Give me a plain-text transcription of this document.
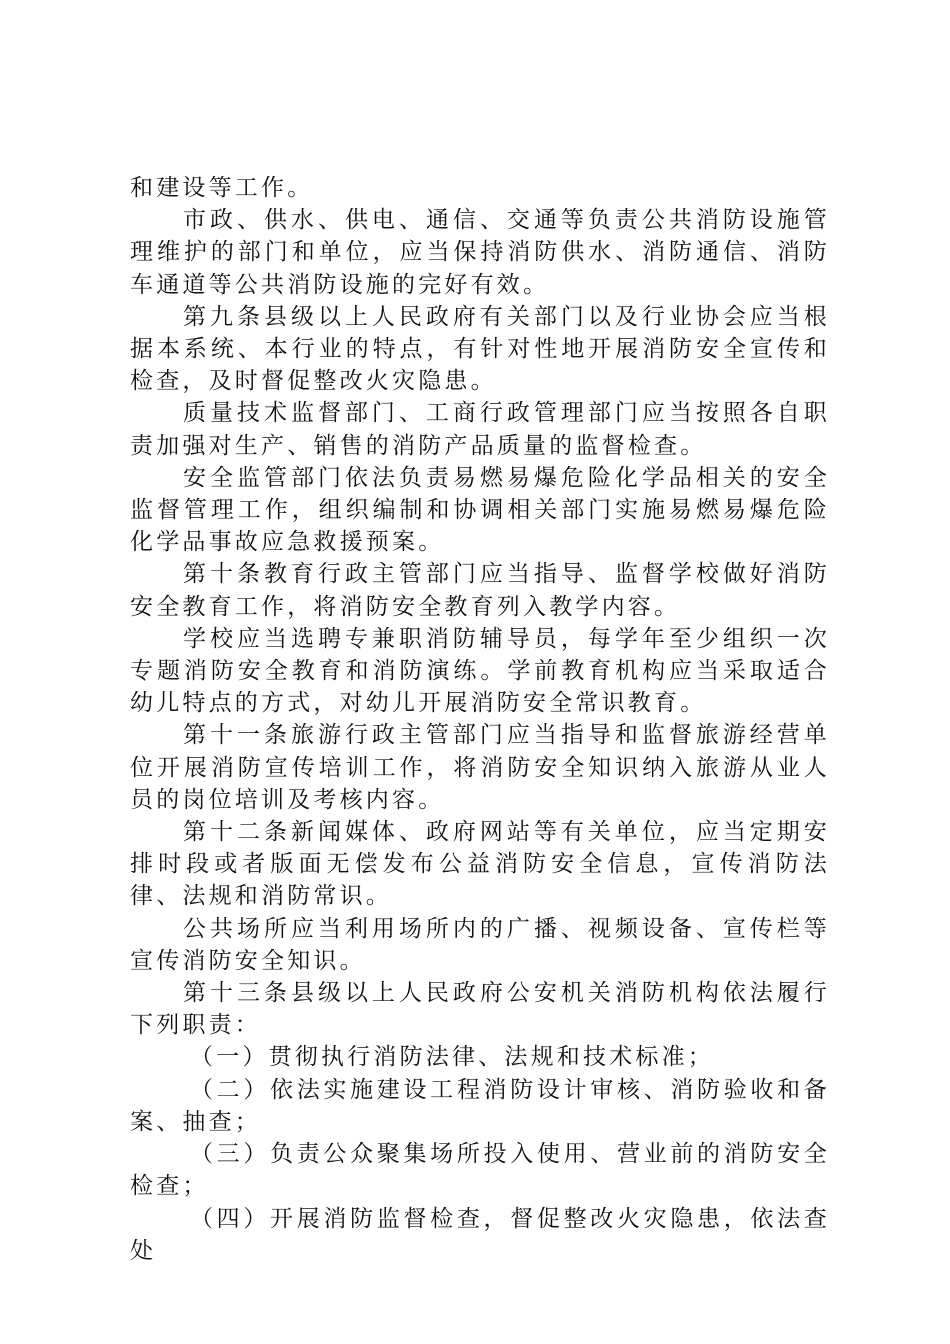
和建设等工作。

市政、供水、供电、通信、交通等负责公共消防设施管理维护的部门和单位，应当保持消防供水、消防通信、消防车通道等公共消防设施的完好有效。

第九条县级以上人民政府有关部门以及行业协会应当根据本系统、本行业的特点，有针对性地开展消防安全宣传和检查，及时督促整改火灾隐患。

质量技术监督部门、工商行政管理部门应当按照各自职责加强对生产、销售的消防产品质量的监督检查。

安全监管部门依法负责易燃易爆危险化学品相关的安全监督管理工作，组织编制和协调相关部门实施易燃易爆危险化学品事故应急救援预案。

第十条教育行政主管部门应当指导、监督学校做好消防安全教育工作，将消防安全教育列入教学内容。

学校应当选聘专兼职消防辅导员，每学年至少组织一次专题消防安全教育和消防演练。学前教育机构应当采取适合幼儿特点的方式，对幼儿开展消防安全常识教育。

第十一条旅游行政主管部门应当指导和监督旅游经营单位开展消防宣传培训工作，将消防安全知识纳入旅游从业人员的岗位培训及考核内容。

第十二条新闻媒体、政府网站等有关单位，应当定期安排时段或者版面无偿发布公益消防安全信息，宣传消防法律、法规和消防常识。

公共场所应当利用场所内的广播、视频设备、宣传栏等宣传消防安全知识。

第十三条县级以上人民政府公安机关消防机构依法履行下列职责：

（一）贯彻执行消防法律、法规和技术标准；

（二）依法实施建设工程消防设计审核、消防验收和备案、抽查；

（三）负责公众聚集场所投入使用、营业前的消防安全检查；

（四）开展消防监督检查，督促整改火灾隐患，依法查处
